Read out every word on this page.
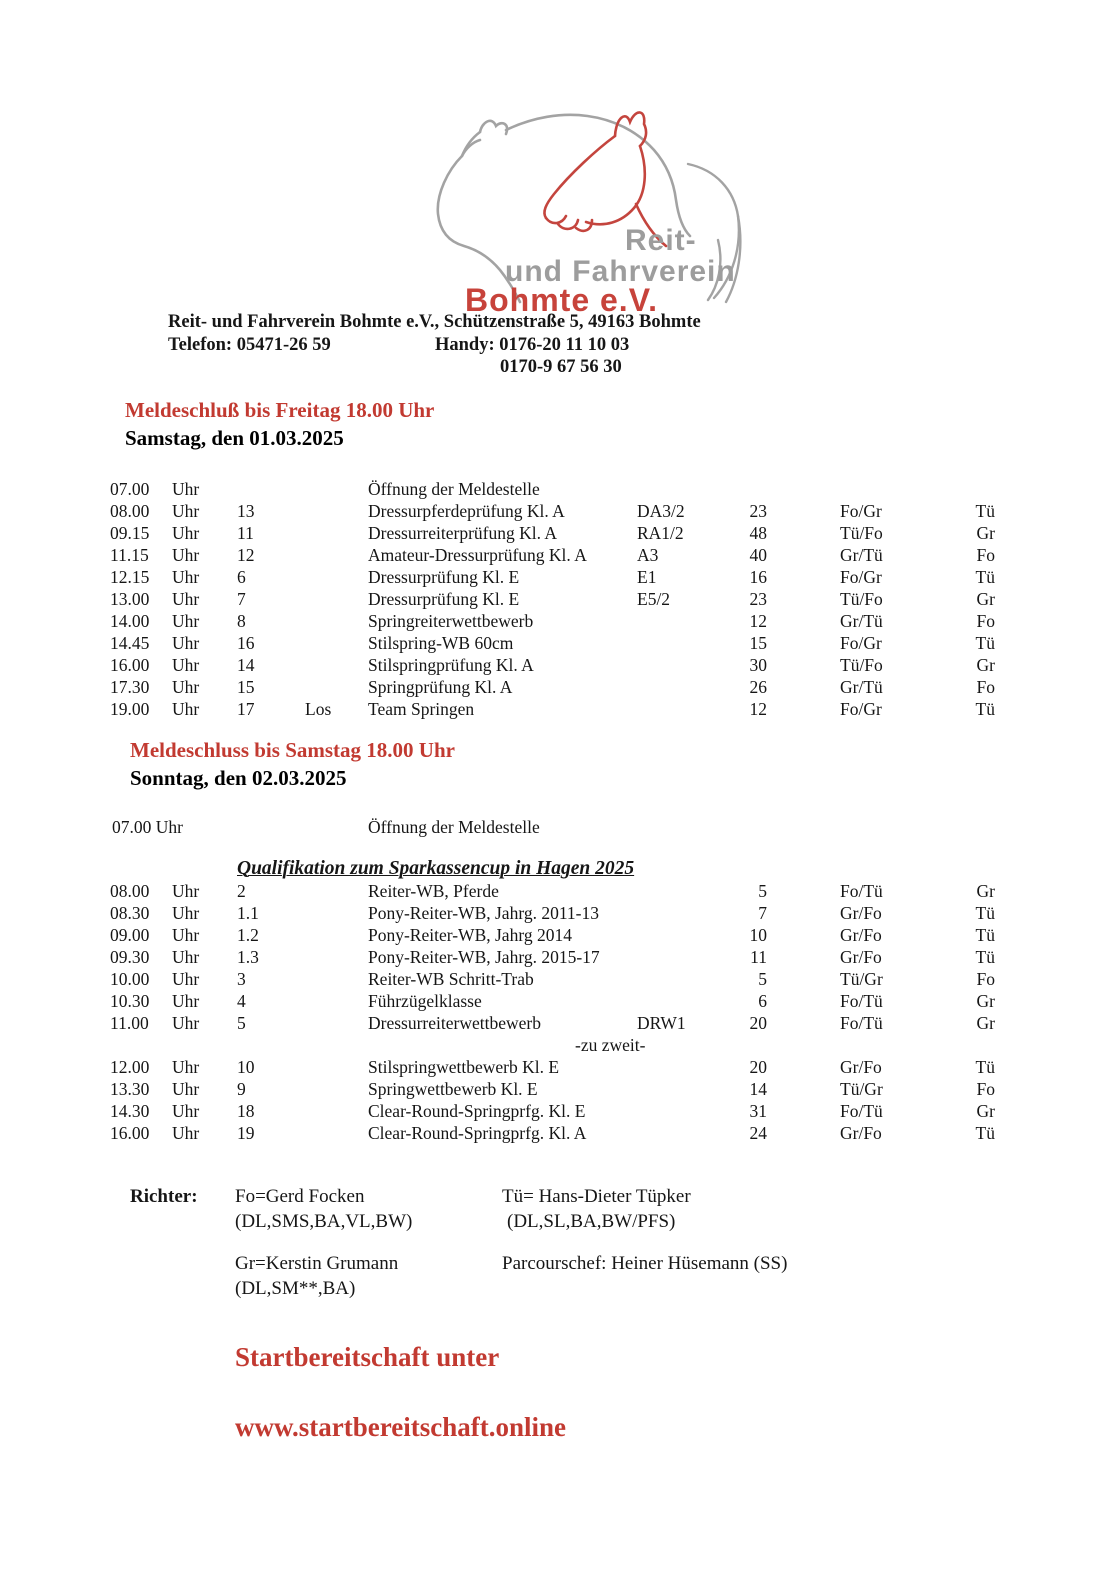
Reit-
und Fahrverein
Bohmte e.V.
Reit- und Fahrverein Bohmte e.V., Schützenstraße 5, 49163 Bohmte
Telefon: 05471-26 59	Handy: 0176-20 11 10 03
0170-9 67 56 30
Meldeschluß bis Freitag 18.00 Uhr
Samstag, den 01.03.2025
07.00 Uhr	Öffnung der Meldestelle
08.00 Uhr 13	Dressurpferdeprüfung Kl. A	DA3/2	23	Fo/Gr	Tü
09.15 Uhr 11	Dressurreiterprüfung Kl. A	RA1/2	48	Tü/Fo	Gr
11.15 Uhr 12	Amateur-Dressurprüfung Kl. A	A3	40	Gr/Tü	Fo
12.15 Uhr 6	Dressurprüfung Kl. E	E1	16	Fo/Gr	Tü
13.00 Uhr 7	Dressurprüfung Kl. E	E5/2	23	Tü/Fo	Gr
14.00 Uhr 8	Springreiterwettbewerb	12	Gr/Tü	Fo
14.45 Uhr 16	Stilspring-WB 60cm	15	Fo/Gr	Tü
16.00 Uhr 14	Stilspringprüfung Kl. A	30	Tü/Fo	Gr
17.30 Uhr 15	Springprüfung Kl. A	26	Gr/Tü	Fo
19.00 Uhr 17	Los Team Springen	12	Fo/Gr	Tü
Meldeschluss bis Samstag 18.00 Uhr
Sonntag, den 02.03.2025
07.00 Uhr	Öffnung der Meldestelle
Qualifikation zum Sparkassencup in Hagen 2025
08.00 Uhr 2	Reiter-WB, Pferde	5	Fo/Tü	Gr
08.30 Uhr 1.1	Pony-Reiter-WB, Jahrg. 2011-13	7	Gr/Fo	Tü
09.00 Uhr 1.2	Pony-Reiter-WB, Jahrg 2014	10	Gr/Fo	Tü
09.30 Uhr 1.3	Pony-Reiter-WB, Jahrg. 2015-17	11	Gr/Fo	Tü
10.00 Uhr 3	Reiter-WB Schritt-Trab	5	Tü/Gr	Fo
10.30 Uhr 4	Führzügelklasse	6	Fo/Tü	Gr
11.00 Uhr 5	Dressurreiterwettbewerb	DRW1	20	Fo/Tü	Gr
-zu zweit-
12.00 Uhr 10	Stilspringwettbewerb Kl. E	20	Gr/Fo	Tü
13.30 Uhr 9	Springwettbewerb Kl. E	14	Tü/Gr	Fo
14.30 Uhr 18	Clear-Round-Springprfg. Kl. E	31	Fo/Tü	Gr
16.00 Uhr 19	Clear-Round-Springprfg. Kl. A	24	Gr/Fo	Tü
Richter: Fo=Gerd Focken	Tü= Hans-Dieter Tüpker
(DL,SMS,BA,VL,BW)	(DL,SL,BA,BW/PFS)
Gr=Kerstin Grumann	Parcourschef: Heiner Hüsemann (SS)
(DL,SM**,BA)
Startbereitschaft unter
www.startbereitschaft.online
